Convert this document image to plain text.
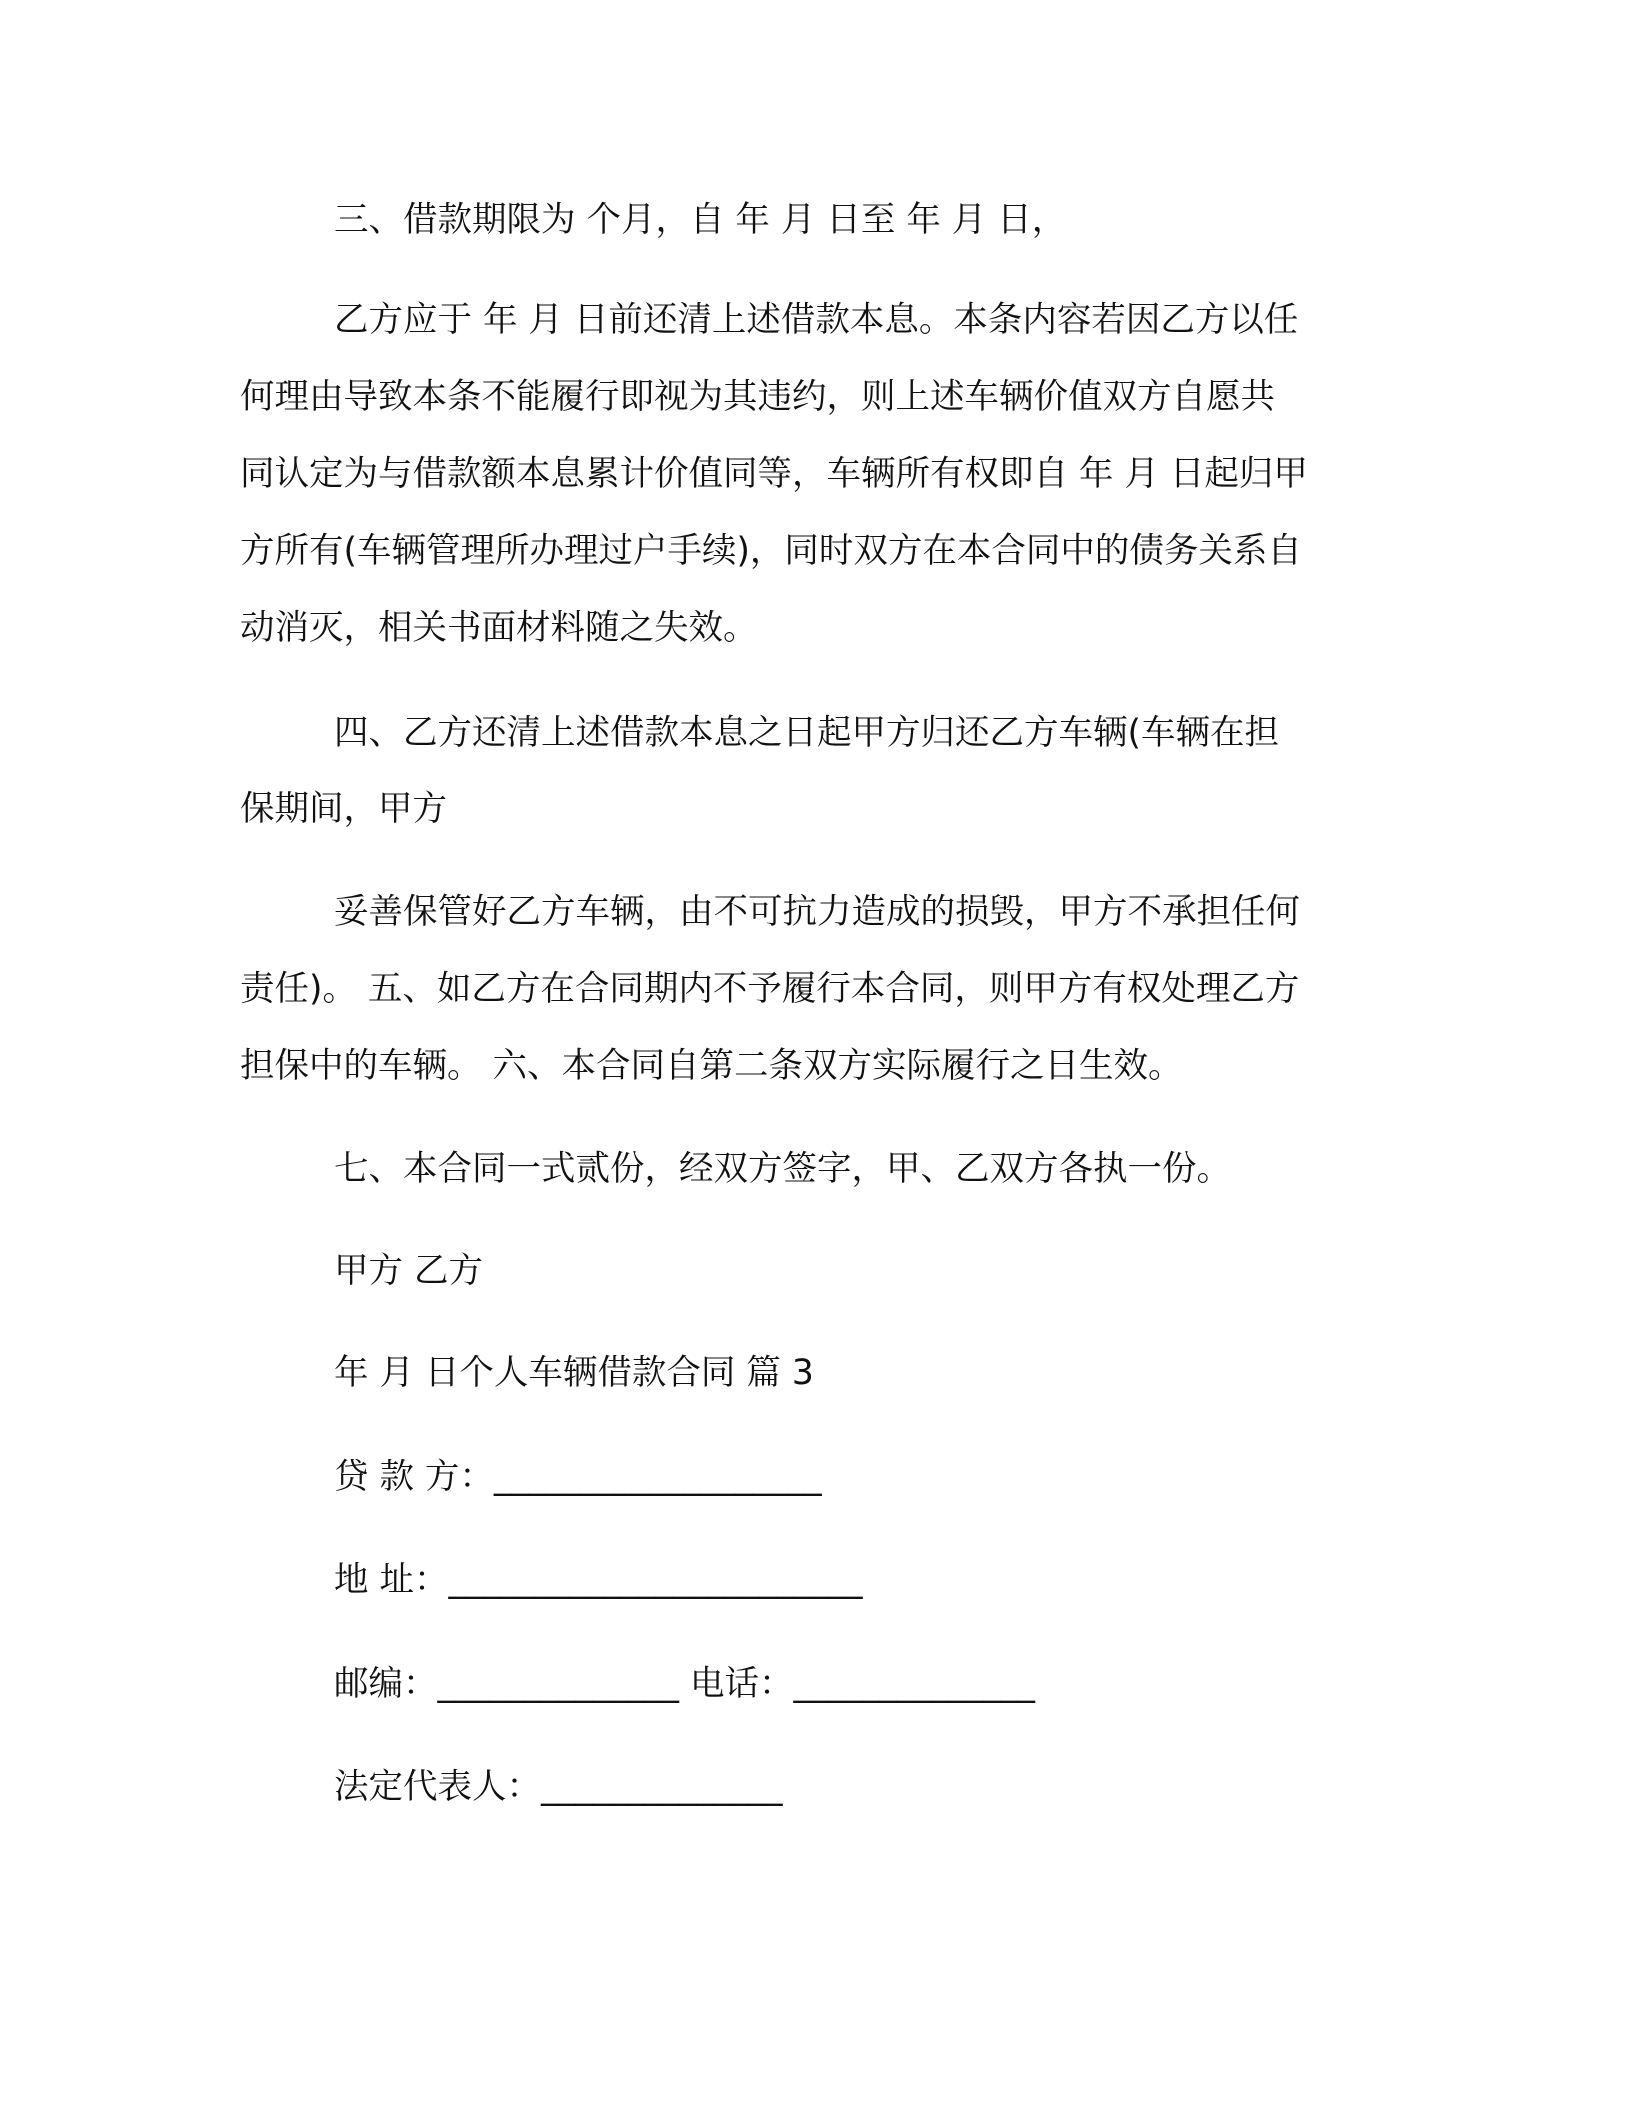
三、借款期限为 个月，自 年 月 日至 年 月 日，
乙方应于 年 月 日前还清上述借款本息。本条内容若因乙方以任
何理由导致本条不能履行即视为其违约，则上述车辆价值双方自愿共
同认定为与借款额本息累计价值同等，车辆所有权即自 年 月 日起归甲
方所有(车辆管理所办理过户手续)，同时双方在本合同中的债务关系自
动消灭，相关书面材料随之失效。
四、乙方还清上述借款本息之日起甲方归还乙方车辆(车辆在担
保期间，甲方
妥善保管好乙方车辆，由不可抗力造成的损毁，甲方不承担任何
责任)。 五、如乙方在合同期内不予履行本合同，则甲方有权处理乙方
担保中的车辆。 六、本合同自第二条双方实际履行之日生效。
七、本合同一式贰份，经双方签字，甲、乙双方各执一份。
甲方 乙方
年 月 日个人车辆借款合同 篇 3
贷 款 方：___________________
地 址：________________________
邮编：______________ 电话：______________
法定代表人：______________
